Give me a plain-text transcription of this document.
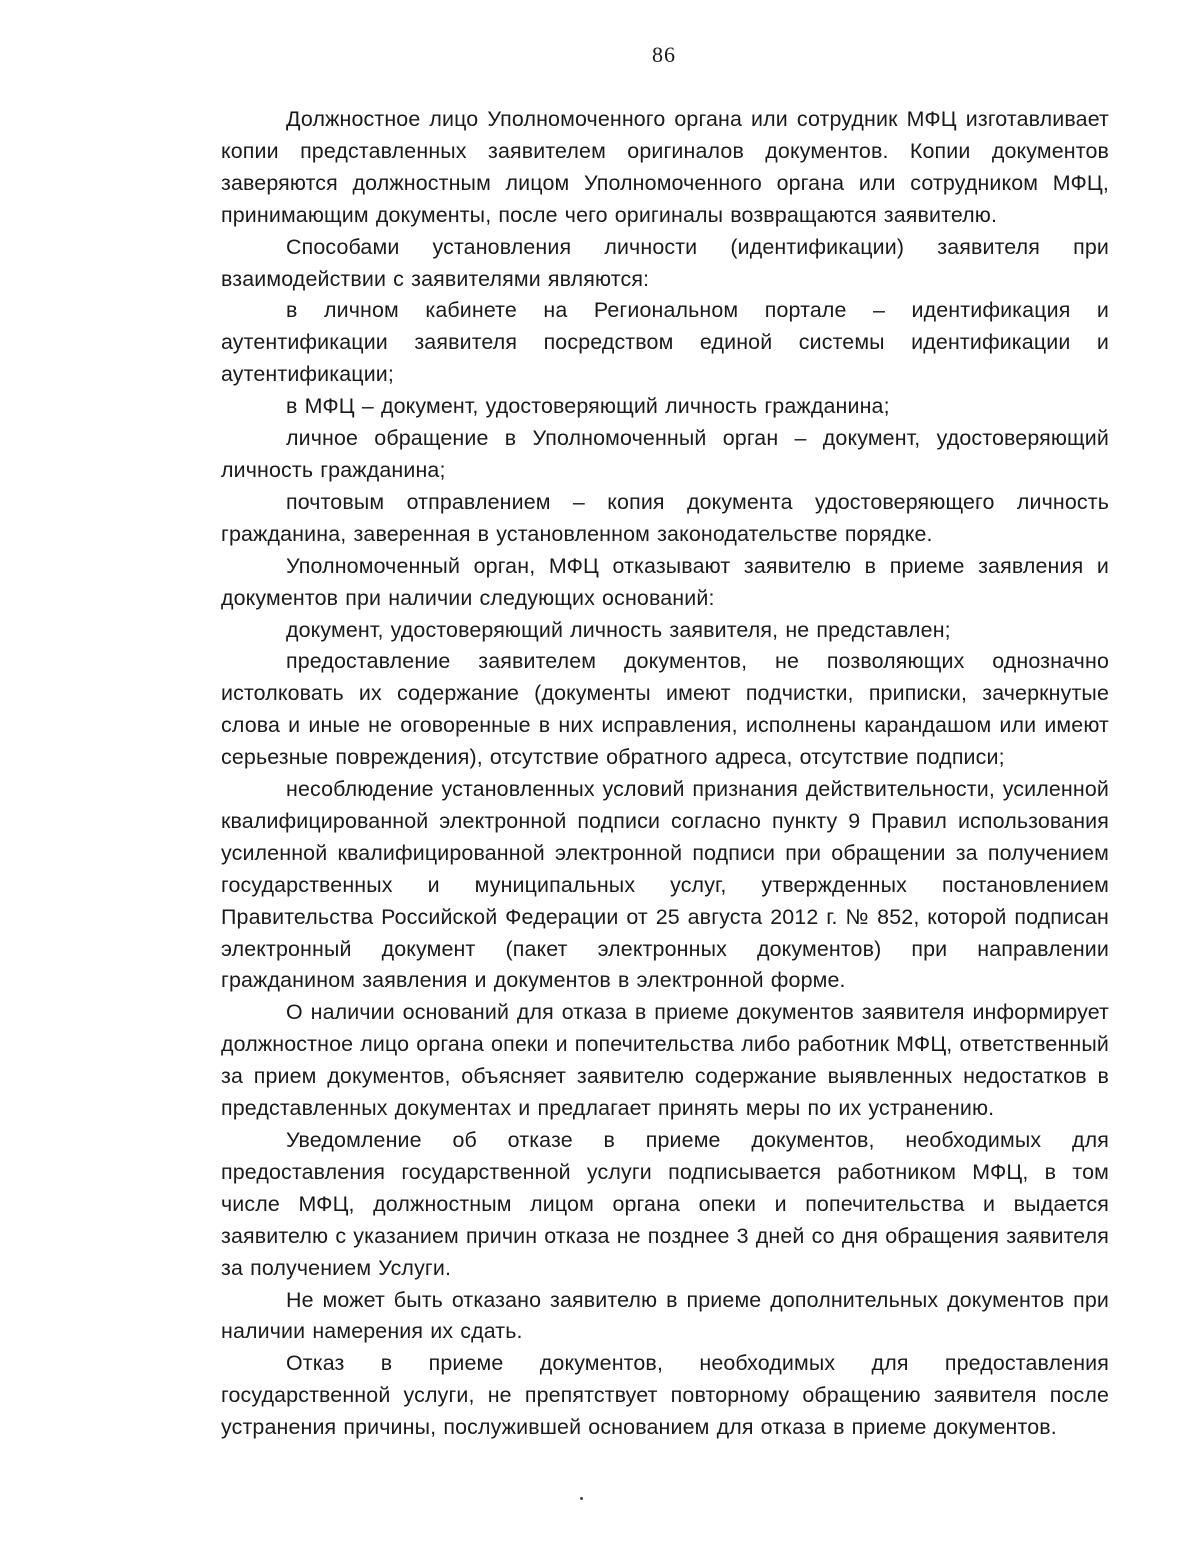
86

Должностное лицо Уполномоченного органа или сотрудник МФЦ изготавливает копии представленных заявителем оригиналов документов. Копии документов заверяются должностным лицом Уполномоченного органа или сотрудником МФЦ, принимающим документы, после чего оригиналы возвращаются заявителю.

Способами установления личности (идентификации) заявителя при взаимодействии с заявителями являются:

в личном кабинете на Региональном портале – идентификация и аутентификации заявителя посредством единой системы идентификации и аутентификации;

в МФЦ – документ, удостоверяющий личность гражданина;

личное обращение в Уполномоченный орган – документ, удостоверяющий личность гражданина;

почтовым отправлением – копия документа удостоверяющего личность гражданина, заверенная в установленном законодательстве порядке.

Уполномоченный орган, МФЦ отказывают заявителю в приеме заявления и документов при наличии следующих оснований:

документ, удостоверяющий личность заявителя, не представлен;

предоставление заявителем документов, не позволяющих однозначно истолковать их содержание (документы имеют подчистки, приписки, зачеркнутые слова и иные не оговоренные в них исправления, исполнены карандашом или имеют серьезные повреждения), отсутствие обратного адреса, отсутствие подписи;

несоблюдение установленных условий признания действительности, усиленной квалифицированной электронной подписи согласно пункту 9 Правил использования усиленной квалифицированной электронной подписи при обращении за получением государственных и муниципальных услуг, утвержденных постановлением Правительства Российской Федерации от 25 августа 2012 г. № 852, которой подписан электронный документ (пакет электронных документов) при направлении гражданином заявления и документов в электронной форме.

О наличии оснований для отказа в приеме документов заявителя информирует должностное лицо органа опеки и попечительства либо работник МФЦ, ответственный за прием документов, объясняет заявителю содержание выявленных недостатков в представленных документах и предлагает принять меры по их устранению.

Уведомление об отказе в приеме документов, необходимых для предоставления государственной услуги подписывается работником МФЦ, в том числе МФЦ, должностным лицом органа опеки и попечительства и выдается заявителю с указанием причин отказа не позднее 3 дней со дня обращения заявителя за получением Услуги.

Не может быть отказано заявителю в приеме дополнительных документов при наличии намерения их сдать.

Отказ в приеме документов, необходимых для предоставления государственной услуги, не препятствует повторному обращению заявителя после устранения причины, послужившей основанием для отказа в приеме документов.
